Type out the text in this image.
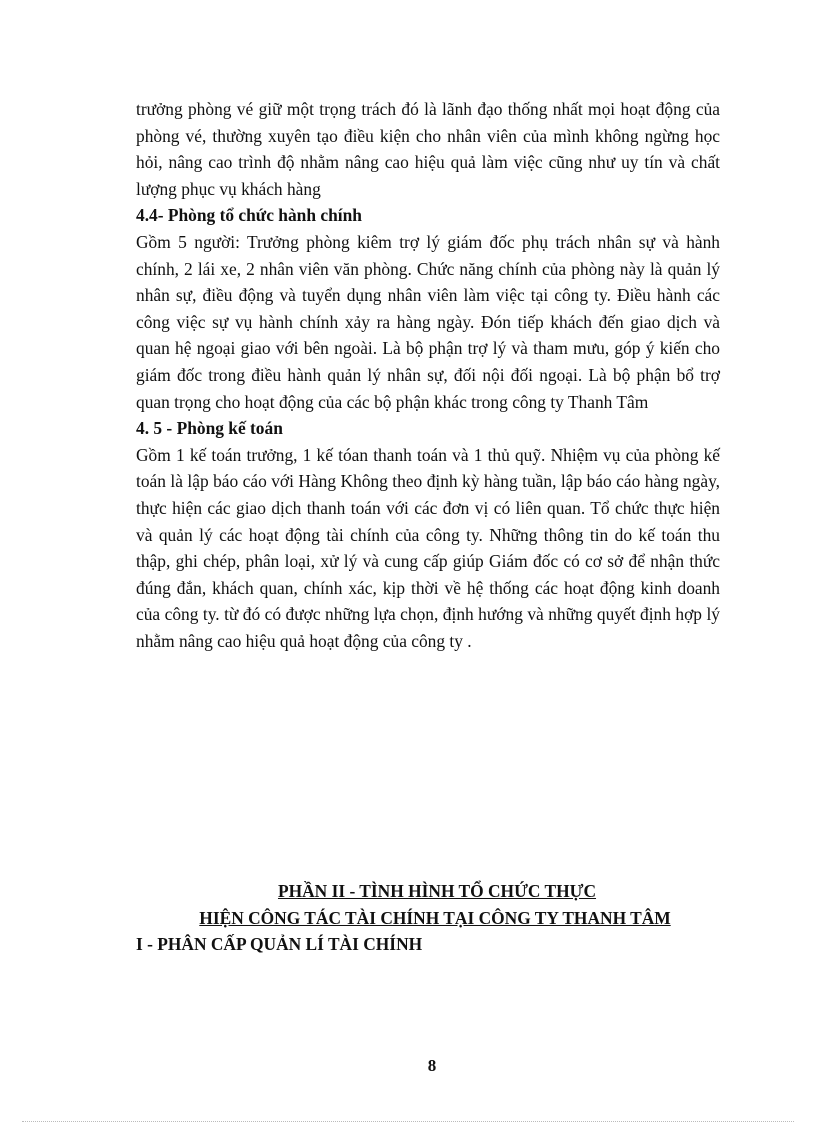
trưởng phòng vé giữ một trọng trách đó là lãnh đạo thống nhất mọi hoạt động của phòng vé, thường xuyên tạo điều kiện cho nhân viên của mình không ngừng học hỏi, nâng cao trình độ nhằm nâng cao hiệu quả làm việc cũng như uy tín và chất lượng phục vụ khách hàng

4.4- Phòng tổ chức hành chính

Gồm 5 người: Trưởng phòng kiêm trợ lý giám đốc phụ trách nhân sự và hành chính, 2 lái xe, 2 nhân viên văn phòng. Chức năng chính của phòng này là quản lý nhân sự, điều động và tuyển dụng nhân viên làm việc tại công ty. Điều hành các công việc sự vụ hành chính xảy ra hàng ngày. Đón tiếp khách đến giao dịch và quan hệ ngoại giao với bên ngoài. Là bộ phận trợ lý và tham mưu, góp ý kiến cho giám đốc trong điều hành quản lý nhân sự, đối nội đối ngoại. Là bộ phận bổ trợ quan trọng cho hoạt động của các bộ phận khác trong công ty Thanh Tâm

4. 5 - Phòng kế toán

Gồm 1 kế toán trưởng, 1 kế tóan thanh toán và 1 thủ quỹ. Nhiệm vụ của phòng kế toán là lập báo cáo với Hàng Không theo định kỳ hàng tuần, lập báo cáo hàng ngày, thực hiện các giao dịch thanh toán với các đơn vị có liên quan. Tổ chức thực hiện và quản lý các hoạt động tài chính của công ty. Những thông tin do kế toán thu thập, ghi chép, phân loại, xử lý và cung cấp giúp Giám đốc có cơ sở để nhận thức đúng đắn, khách quan, chính xác, kịp thời về hệ thống các hoạt động kinh doanh của công ty. từ đó có được những lựa chọn, định hướng và những quyết định hợp lý nhằm nâng cao hiệu quả hoạt động của công ty .

PHẦN II - TÌNH HÌNH TỔ CHỨC THỰC

HIỆN CÔNG TÁC TÀI CHÍNH TẠI CÔNG TY THANH TÂM

I - PHÂN CẤP QUẢN LÍ TÀI CHÍNH

8
